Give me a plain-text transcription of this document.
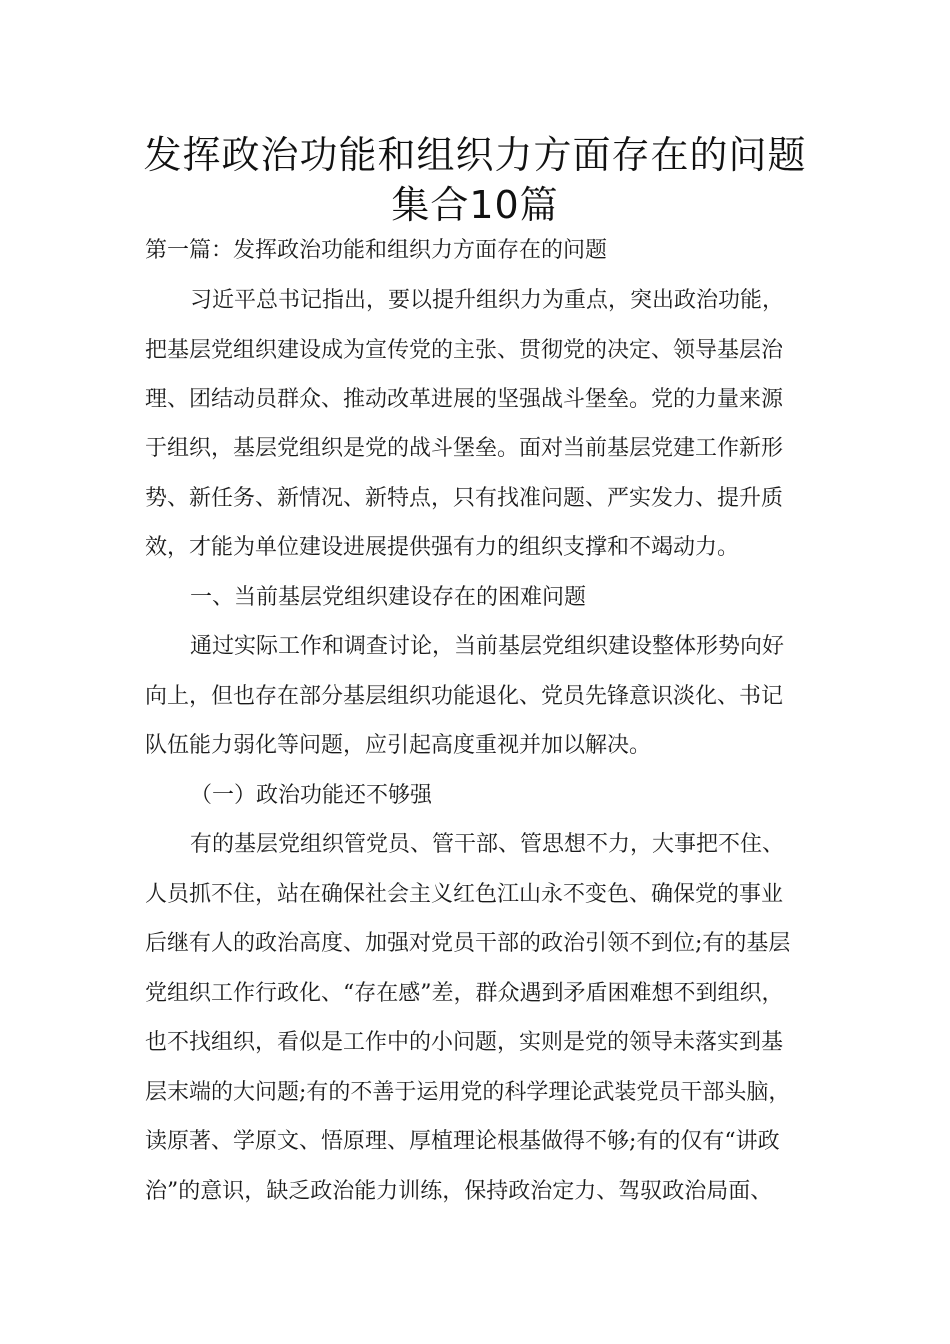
发挥政治功能和组织力方面存在的问题
集合10篇
第一篇：发挥政治功能和组织力方面存在的问题
习近平总书记指出，要以提升组织力为重点，突出政治功能，
把基层党组织建设成为宣传党的主张、贯彻党的决定、领导基层治
理、团结动员群众、推动改革进展的坚强战斗堡垒。党的力量来源
于组织，基层党组织是党的战斗堡垒。面对当前基层党建工作新形
势、新任务、新情况、新特点，只有找准问题、严实发力、提升质
效，才能为单位建设进展提供强有力的组织支撑和不竭动力。
一、当前基层党组织建设存在的困难问题
通过实际工作和调查讨论，当前基层党组织建设整体形势向好
向上，但也存在部分基层组织功能退化、党员先锋意识淡化、书记
队伍能力弱化等问题，应引起高度重视并加以解决。
（一）政治功能还不够强
有的基层党组织管党员、管干部、管思想不力，大事把不住、
人员抓不住，站在确保社会主义红色江山永不变色、确保党的事业
后继有人的政治高度、加强对党员干部的政治引领不到位;有的基层
党组织工作行政化、“存在感”差，群众遇到矛盾困难想不到组织，
也不找组织，看似是工作中的小问题，实则是党的领导未落实到基
层末端的大问题;有的不善于运用党的科学理论武装党员干部头脑，
读原著、学原文、悟原理、厚植理论根基做得不够;有的仅有“讲政
治”的意识，缺乏政治能力训练，保持政治定力、驾驭政治局面、
